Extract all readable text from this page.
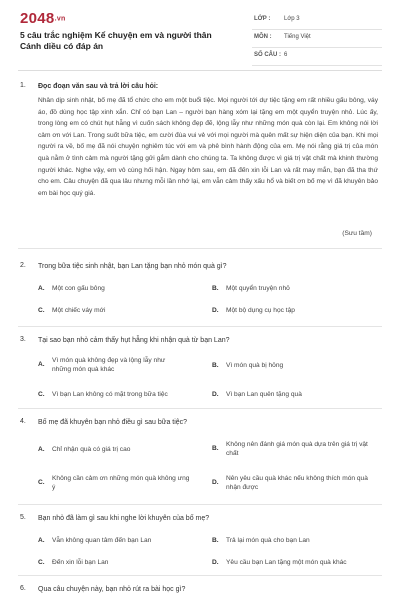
2048.vn
5 câu trắc nghiệm Kể chuyện em và người thân Cánh diều có đáp án
LỚP : Lớp 3
MÔN : Tiếng Việt
SỐ CÂU : 6
1. Đọc đoạn văn sau và trả lời câu hỏi:
Nhân dịp sinh nhật, bố mẹ đã tổ chức cho em một buổi tiệc. Mọi người tới dự tiệc tặng em rất nhiều gấu bông, váy áo, đồ dùng học tập xinh xắn. Chỉ có bạn Lan – người bạn hàng xóm lại tặng em một quyển truyện nhỏ. Lúc ấy, trong lòng em có chút hụt hẫng vì cuốn sách không đẹp đẽ, lộng lẫy như những món quà còn lại. Em không nói lời cảm ơn với Lan. Trong suốt bữa tiệc, em cười đùa vui vẻ với mọi người mà quên mất sự hiện diện của bạn. Khi mọi người ra về, bố mẹ đã nói chuyện nghiêm túc với em và phê bình hành động của em. Mẹ nói rằng giá trị của món quà nằm ở tình cảm mà người tặng gửi gắm dành cho chúng ta. Ta không được vì giá trị vật chất mà khinh thường người khác. Nghe vậy, em vô cùng hối hận. Ngay hôm sau, em đã đến xin lỗi Lan và rất may mắn, bạn đã tha thứ cho em. Câu chuyện đã qua lâu nhưng mỗi lần nhớ lại, em vẫn cảm thấy xấu hổ và biết ơn bố mẹ vì đã khuyên bảo em bài học quý giá.
(Sưu tầm)
2. Trong bữa tiệc sinh nhật, bạn Lan tặng bạn nhỏ món quà gì?
A. Một con gấu bông	B. Một quyển truyện nhỏ
C. Một chiếc váy mới	D. Một bộ dụng cụ học tập
3. Tại sao bạn nhỏ cảm thấy hụt hẫng khi nhận quà từ bạn Lan?
A.
Vì món quà không đẹp và lộng lẫy như những món quà khác
B. Vì món quà bị hỏng
C. Vì bạn Lan không có mặt trong bữa tiệc	D. Vì bạn Lan quên tặng quà
4. Bố mẹ đã khuyên bạn nhỏ điều gì sau bữa tiệc?
A. Chỉ nhận quà có giá trị cao	B.
Không nên đánh giá món quà dựa trên giá trị vật chất
C.
Không cần cảm ơn những món quà không ưng ý
D.
Nên yêu cầu quà khác nếu không thích món quà nhận được
5. Bạn nhỏ đã làm gì sau khi nghe lời khuyên của bố mẹ?
A. Vẫn không quan tâm đến bạn Lan	B. Trả lại món quà cho bạn Lan
C. Đến xin lỗi bạn Lan	D. Yêu cầu bạn Lan tặng một món quà khác
6. Qua câu chuyện này, bạn nhỏ rút ra bài học gì?
